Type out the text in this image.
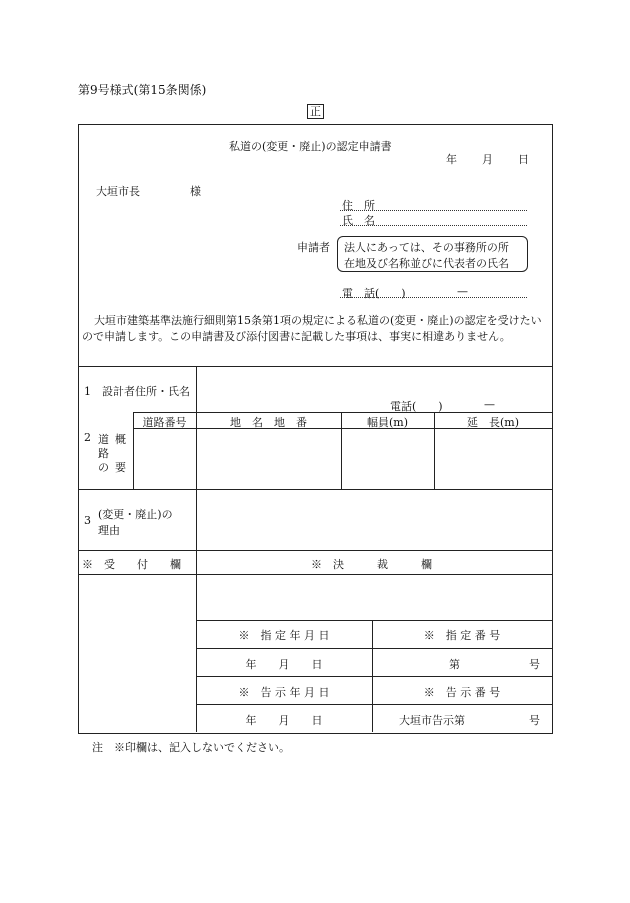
第9号様式(第15条関係)
正
私道の(変更・廃止)の認定申請書
年 月 日
大垣市長	様
住　所
氏　名
申請者 法人にあっては、その事務所の所
在地及び名称並びに代表者の氏名
電　話(　　)	—
大垣市建築基準法施行細則第15条第1項の規定による私道の(変更・廃止)の認定を受けたいので申請します。この申請書及び添付図書に記載した事項は、事実に相違ありません。
1　設計者住所・氏名
電話(　　)	—
2 道
路
の
概
要
道路番号	地　名　地　番	幅員(m)	延　長(m)
3 (変更・廃止)の
理由
※　受　　付　　欄	※　決　　　裁　　　欄
※　指 定 年 月 日	※　指 定 番 号
年　　月　　日	第	号
※　告 示 年 月 日	※　告 示 番 号
年　　月　　日	大垣市告示第	号
注　※印欄は、記入しないでください。
